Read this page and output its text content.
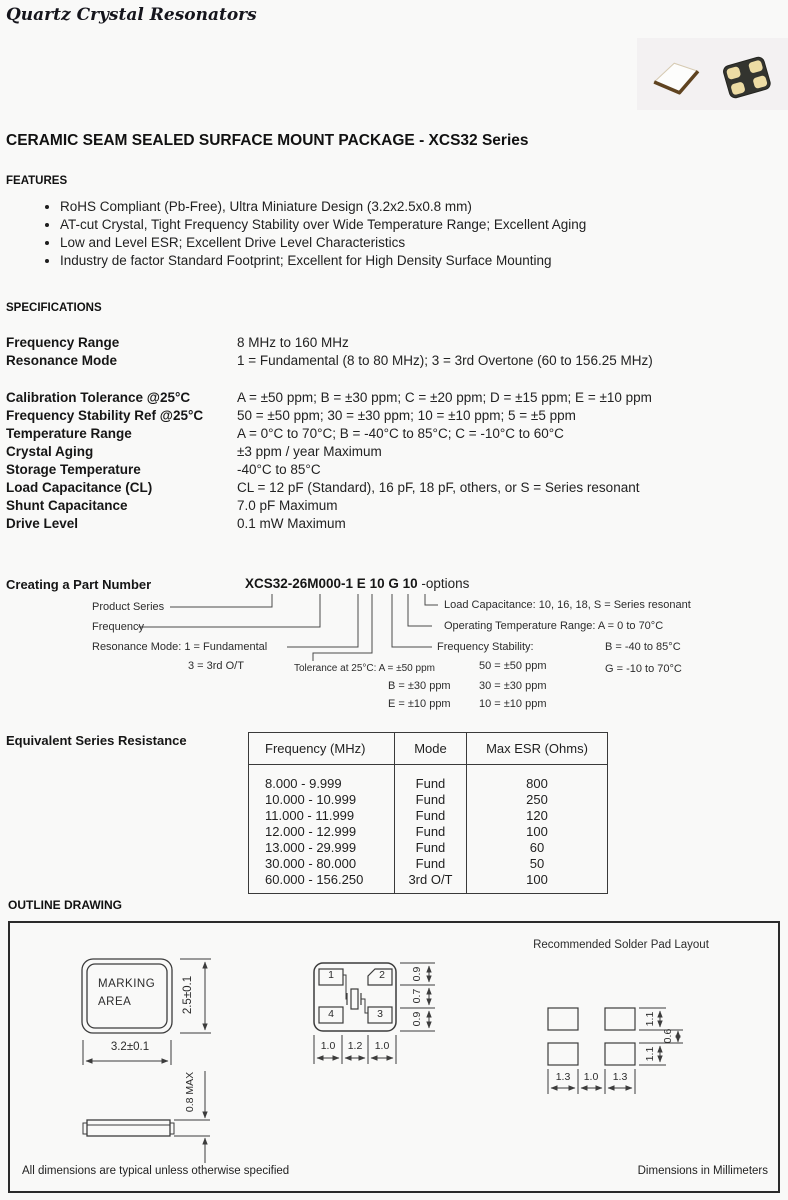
Quartz Crystal Resonators
CERAMIC SEAM SEALED SURFACE MOUNT PACKAGE - XCS32 Series
FEATURES
• RoHS Compliant (Pb-Free), Ultra Miniature Design (3.2x2.5x0.8 mm)
• AT-cut Crystal, Tight Frequency Stability over Wide Temperature Range; Excellent Aging
• Low and Level ESR; Excellent Drive Level Characteristics
• Industry de factor Standard Footprint; Excellent for High Density Surface Mounting
SPECIFICATIONS
Frequency Range	8 MHz to 160 MHz
Resonance Mode	1 = Fundamental (8 to 80 MHz); 3 = 3rd Overtone (60 to 156.25 MHz)
Calibration Tolerance @25°C	A = ±50 ppm; B = ±30 ppm; C = ±20 ppm; D = ±15 ppm; E = ±10 ppm
Frequency Stability Ref @25°C	50 = ±50 ppm; 30 = ±30 ppm; 10 = ±10 ppm; 5 = ±5 ppm
Temperature Range	A = 0°C to 70°C; B = -40°C to 85°C; C = -10°C to 60°C
Crystal Aging	±3 ppm / year Maximum
Storage Temperature	-40°C to 85°C
Load Capacitance (CL)	CL = 12 pF (Standard), 16 pF, 18 pF, others, or S = Series resonant
Shunt Capacitance	7.0 pF Maximum
Drive Level	0.1 mW Maximum
Creating a Part Number	XCS32-26M000-1 E 10 G 10 -options
Product Series
Frequency
Resonance Mode: 1 = Fundamental
3 = 3rd O/T	Tolerance at 25°C: A = ±50 ppm
B = ±30 ppm
E = ±10 ppm
Frequency Stability:
50 = ±50 ppm
30 = ±30 ppm
10 = ±10 ppm
Load Capacitance: 10, 16, 18, S = Series resonant
Operating Temperature Range: A = 0 to 70°C
B = -40 to 85°C
G = -10 to 70°C
Equivalent Series Resistance
Frequency (MHz)	Mode	Max ESR (Ohms)
8.000 - 9.999	Fund	800
10.000 - 10.999	Fund	250
11.000 - 11.999	Fund	120
12.000 - 12.999	Fund	100
13.000 - 29.999	Fund	60
30.000 - 80.000	Fund	50
60.000 - 156.250	3rd O/T	100
OUTLINE DRAWING
MARKING
AREA	2.5±0.1
3.2±0.1
0.8 MAX
1	2
4	3
0.9
0.7
0.9
1.0	1.2	1.0
Recommended Solder Pad Layout
1.1
0.6
1.1
1.3	1.0	1.3
All dimensions are typical unless otherwise specified	Dimensions in Millimeters
